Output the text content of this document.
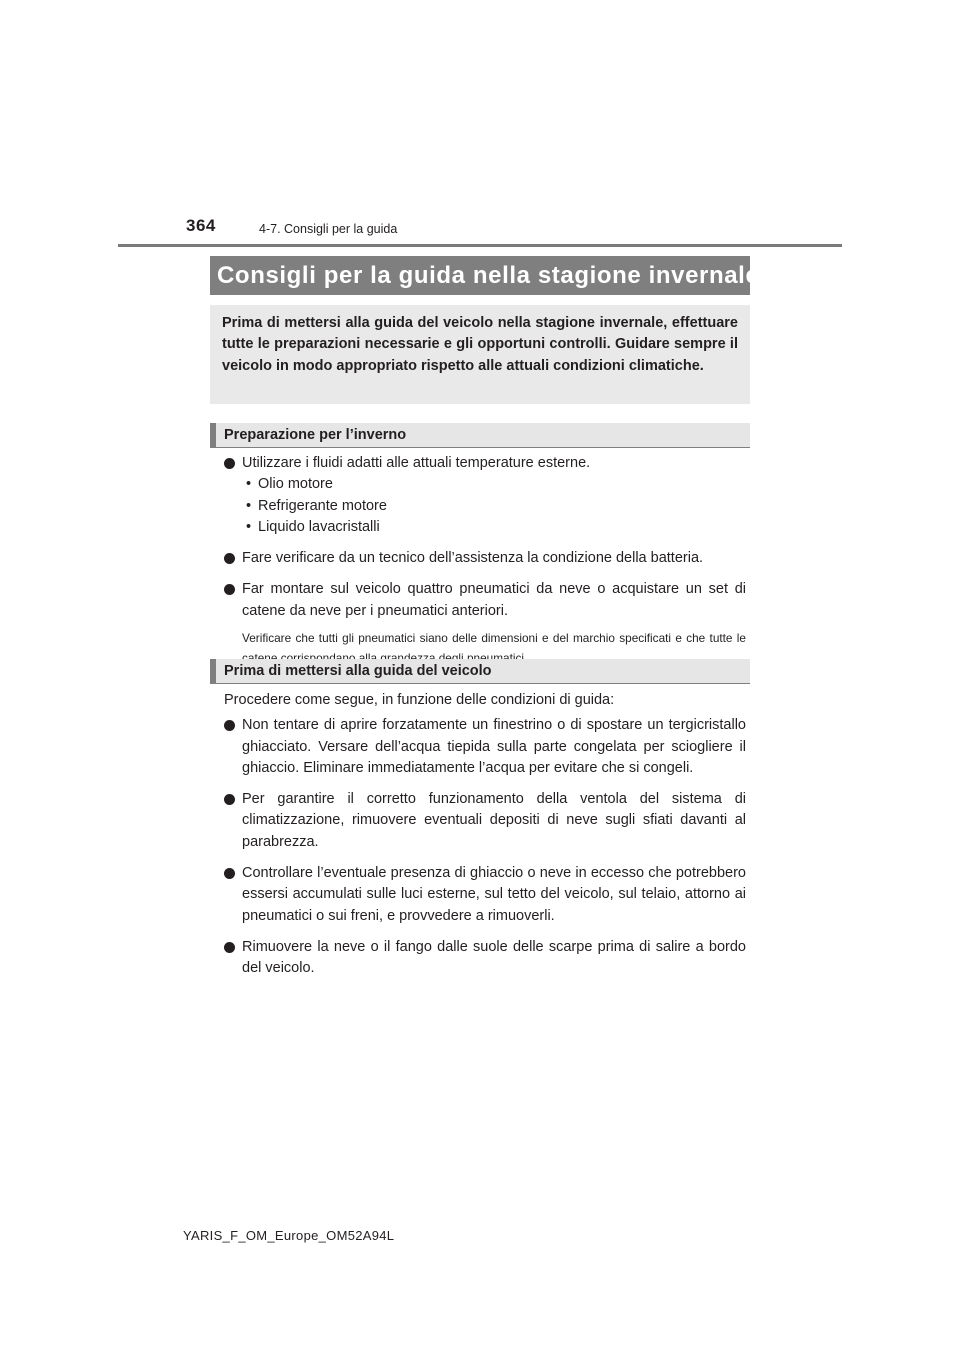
364	4-7. Consigli per la guida
Consigli per la guida nella stagione invernale
Prima di mettersi alla guida del veicolo nella stagione invernale, effettuare tutte le preparazioni necessarie e gli opportuni controlli. Guidare sempre il veicolo in modo appropriato rispetto alle attuali condizioni climatiche.
Preparazione per l’inverno
Utilizzare i fluidi adatti alle attuali temperature esterne.
• Olio motore
• Refrigerante motore
• Liquido lavacristalli
Fare verificare da un tecnico dell’assistenza la condizione della batteria.
Far montare sul veicolo quattro pneumatici da neve o acquistare un set di catene da neve per i pneumatici anteriori.
Verificare che tutti gli pneumatici siano delle dimensioni e del marchio specificati e che tutte le
Prima di mettersi alla guida del veicolo
Procedere come segue, in funzione delle condizioni di guida:
Non tentare di aprire forzatamente un finestrino o di spostare un tergicristallo ghiacciato. Versare dell’acqua tiepida sulla parte congelata per sciogliere il ghiaccio. Eliminare immediatamente l’acqua per evitare che si congeli.
Per garantire il corretto funzionamento della ventola del sistema di climatizzazione, rimuovere eventuali depositi di neve sugli sfiati davanti al parabrezza.
Controllare l’eventuale presenza di ghiaccio o neve in eccesso che potrebbero essersi accumulati sulle luci esterne, sul tetto del veicolo, sul telaio, attorno ai pneumatici o sui freni, e provvedere a rimuoverli.
Rimuovere la neve o il fango dalle suole delle scarpe prima di salire a bordo del veicolo.
YARIS_F_OM_Europe_OM52A94L
